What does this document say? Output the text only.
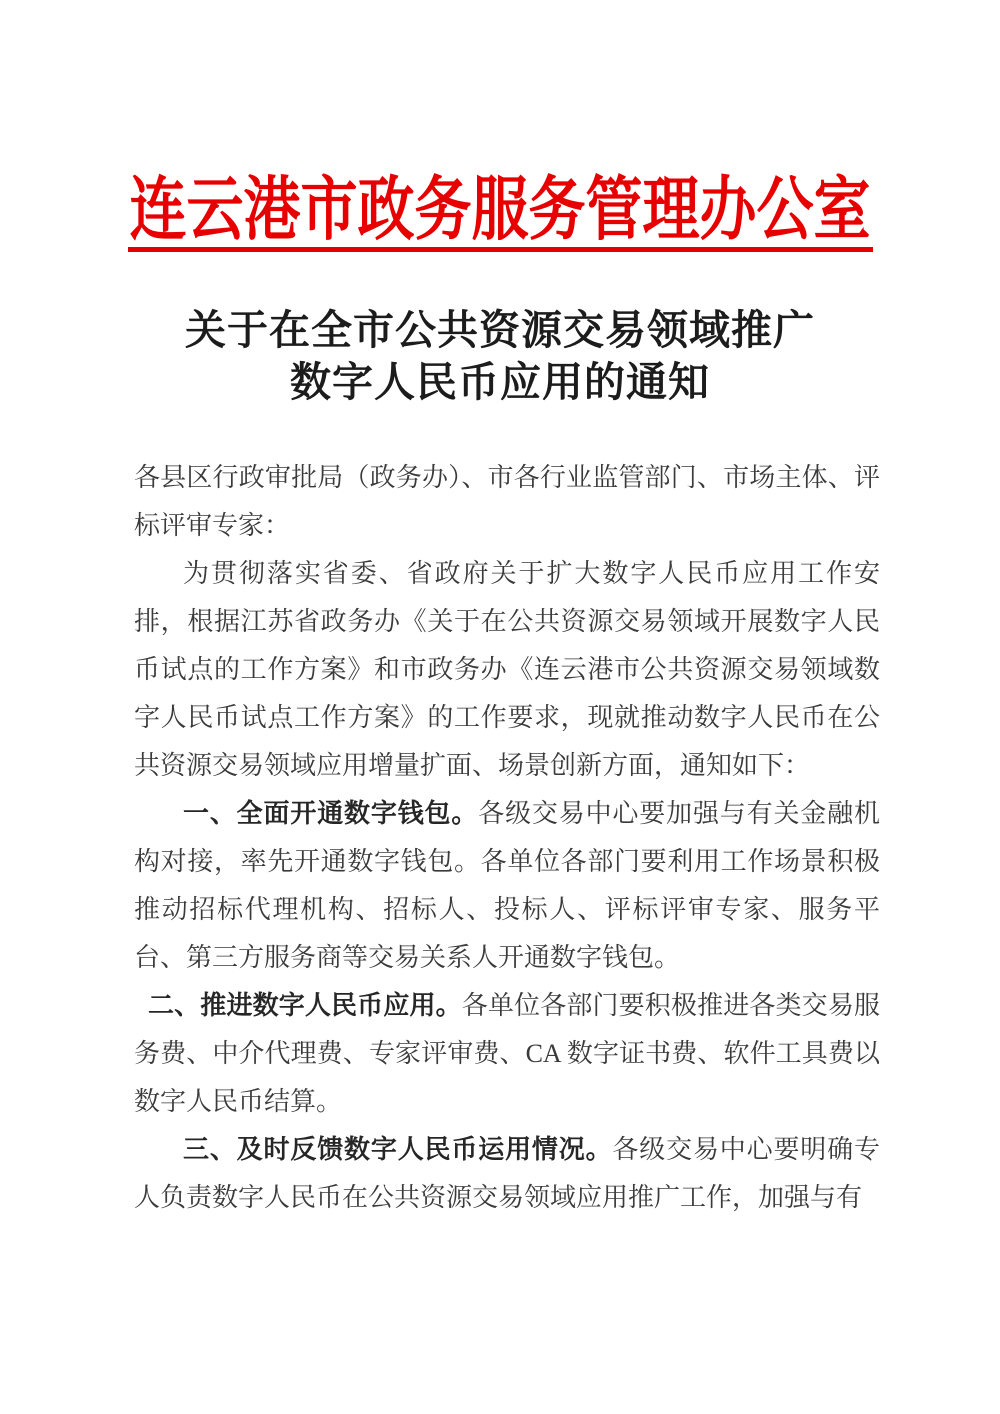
连云港市政务服务管理办公室
关于在全市公共资源交易领域推广
数字人民币应用的通知

各县区行政审批局（政务办）、市各行业监管部门、市场主体、评标评审专家：

为贯彻落实省委、省政府关于扩大数字人民币应用工作安排，根据江苏省政务办《关于在公共资源交易领域开展数字人民币试点的工作方案》和市政务办《连云港市公共资源交易领域数字人民币试点工作方案》的工作要求，现就推动数字人民币在公共资源交易领域应用增量扩面、场景创新方面，通知如下：

一、全面开通数字钱包。各级交易中心要加强与有关金融机构对接，率先开通数字钱包。各单位各部门要利用工作场景积极推动招标代理机构、招标人、投标人、评标评审专家、服务平台、第三方服务商等交易关系人开通数字钱包。

二、推进数字人民币应用。各单位各部门要积极推进各类交易服务费、中介代理费、专家评审费、CA 数字证书费、软件工具费以数字人民币结算。

三、及时反馈数字人民币运用情况。各级交易中心要明确专人负责数字人民币在公共资源交易领域应用推广工作，加强与有
